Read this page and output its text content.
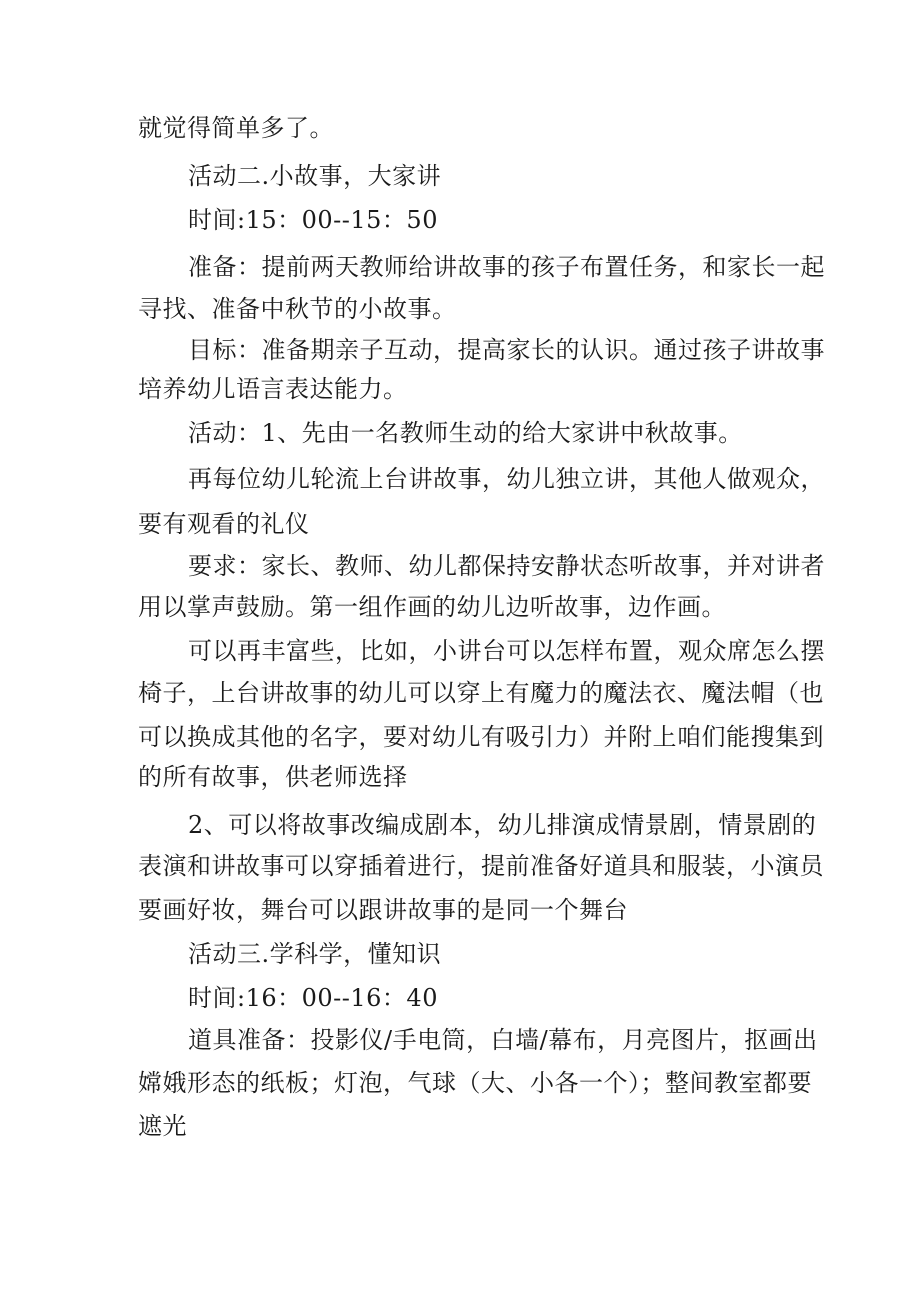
就觉得简单多了。

活动二.小故事，大家讲

时间:15：00--15：50

准备：提前两天教师给讲故事的孩子布置任务，和家长一起

寻找、准备中秋节的小故事。

目标：准备期亲子互动，提高家长的认识。通过孩子讲故事

培养幼儿语言表达能力。

活动：1、先由一名教师生动的给大家讲中秋故事。

再每位幼儿轮流上台讲故事，幼儿独立讲，其他人做观众，

要有观看的礼仪

要求：家长、教师、幼儿都保持安静状态听故事，并对讲者

用以掌声鼓励。第一组作画的幼儿边听故事，边作画。

可以再丰富些，比如，小讲台可以怎样布置，观众席怎么摆

椅子，上台讲故事的幼儿可以穿上有魔力的魔法衣、魔法帽（也

可以换成其他的名字，要对幼儿有吸引力）并附上咱们能搜集到

的所有故事，供老师选择

2、可以将故事改编成剧本，幼儿排演成情景剧，情景剧的

表演和讲故事可以穿插着进行，提前准备好道具和服装，小演员

要画好妆，舞台可以跟讲故事的是同一个舞台

活动三.学科学，懂知识

时间:16：00--16：40

道具准备：投影仪/手电筒，白墙/幕布，月亮图片，抠画出

嫦娥形态的纸板；灯泡，气球（大、小各一个）；整间教室都要

遮光
